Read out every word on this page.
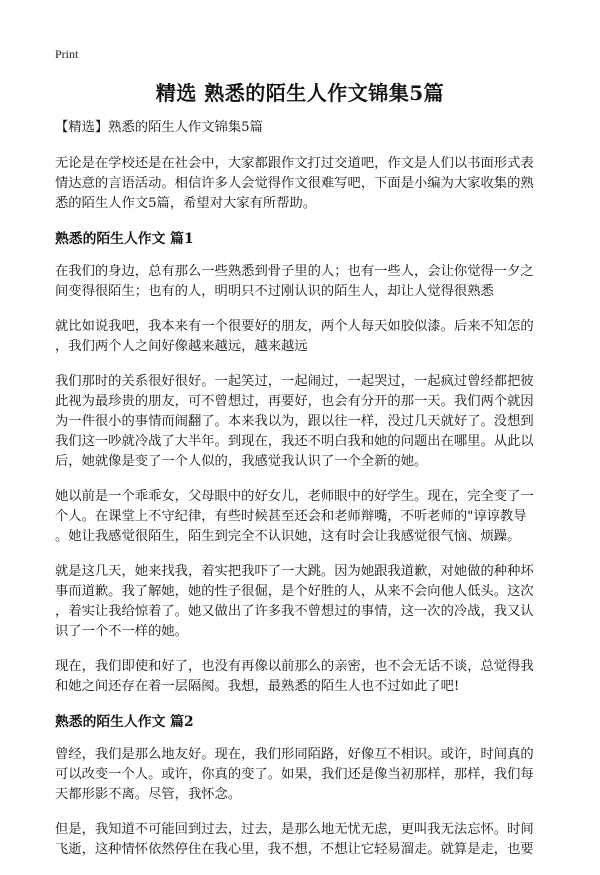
Print
精选 熟悉的陌生人作文锦集5篇
【精选】熟悉的陌生人作文锦集5篇
无论是在学校还是在社会中，大家都跟作文打过交道吧，作文是人们以书面形式表
情达意的言语活动。相信许多人会觉得作文很难写吧，下面是小编为大家收集的熟
悉的陌生人作文5篇，希望对大家有所帮助。
熟悉的陌生人作文 篇1
在我们的身边，总有那么一些熟悉到骨子里的人；也有一些人，会让你觉得一夕之
间变得很陌生；也有的人，明明只不过刚认识的陌生人，却让人觉得很熟悉
就比如说我吧，我本来有一个很要好的朋友，两个人每天如胶似漆。后来不知怎的
，我们两个人之间好像越来越远，越来越远
我们那时的关系很好很好。一起笑过，一起闹过，一起哭过，一起疯过曾经都把彼
此视为最珍贵的朋友，可不曾想过，再要好，也会有分开的那一天。我们两个就因
为一件很小的事情而闹翻了。本来我以为，跟以往一样，没过几天就好了。没想到
我们这一吵就冷战了大半年。到现在，我还不明白我和她的问题出在哪里。从此以
后，她就像是变了一个人似的，我感觉我认识了一个全新的她。
她以前是一个乖乖女，父母眼中的好女儿，老师眼中的好学生。现在，完全变了一
个人。在课堂上不守纪律，有些时候甚至还会和老师辩嘴，不听老师的"谆谆教导
。她让我感觉很陌生，陌生到完全不认识她，这有时会让我感觉很气恼、烦躁。
就是这几天，她来找我，着实把我吓了一大跳。因为她跟我道歉，对她做的种种坏
事而道歉。我了解她，她的性子很倔，是个好胜的人，从来不会向他人低头。这次
，着实让我给惊着了。她又做出了许多我不曾想过的事情，这一次的冷战，我又认
识了一个不一样的她。
现在，我们即使和好了，也没有再像以前那么的亲密，也不会无话不谈，总觉得我
和她之间还存在着一层隔阂。我想，最熟悉的陌生人也不过如此了吧!
熟悉的陌生人作文 篇2
曾经，我们是那么地友好。现在，我们形同陌路，好像互不相识。或许，时间真的
可以改变一个人。或许，你真的变了。如果，我们还是像当初那样，那样，我们每
天都形影不离。尽管，我怀念。
但是，我知道不可能回到过去，过去，是那么地无忧无虑，更叫我无法忘怀。时间
飞逝，这种情怀依然停住在我心里，我不想，不想让它轻易溜走。就算是走，也要
